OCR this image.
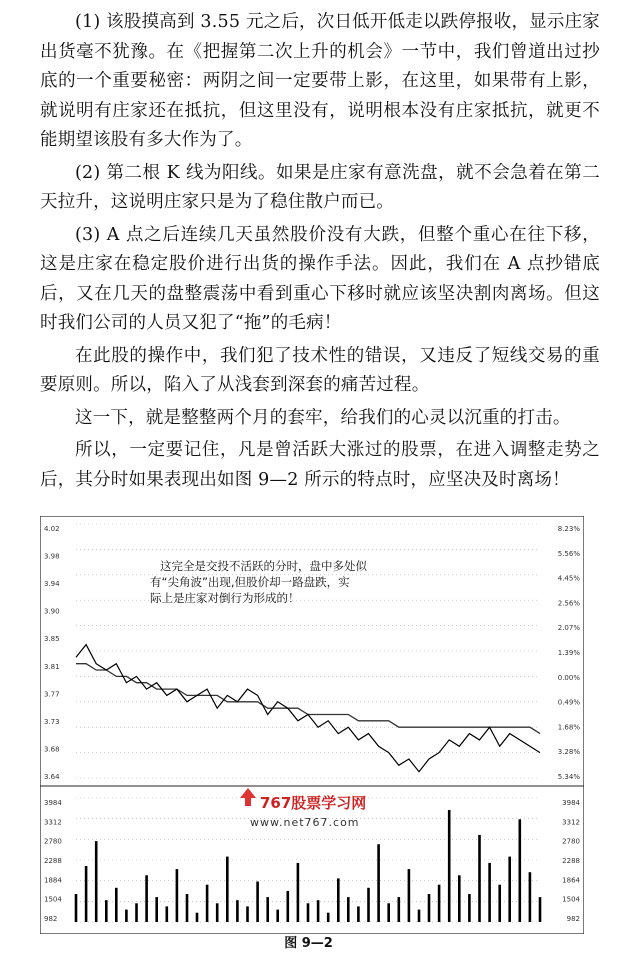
(1) 该股摸高到 3.55 元之后，次日低开低走以跌停报收，显示庄家出货毫不犹豫。在《把握第二次上升的机会》一节中，我们曾道出过抄底的一个重要秘密：两阴之间一定要带上影，在这里，如果带有上影，就说明有庄家还在抵抗，但这里没有，说明根本没有庄家抵抗，就更不能期望该股有多大作为了。

(2) 第二根 K 线为阳线。如果是庄家有意洗盘，就不会急着在第二天拉升，这说明庄家只是为了稳住散户而已。

(3) A 点之后连续几天虽然股价没有大跌，但整个重心在往下移，这是庄家在稳定股价进行出货的操作手法。因此，我们在 A 点抄错底后，又在几天的盘整震荡中看到重心下移时就应该坚决割肉离场。但这时我们公司的人员又犯了“拖”的毛病！

在此股的操作中，我们犯了技术性的错误，又违反了短线交易的重要原则。所以，陷入了从浅套到深套的痛苦过程。

这一下，就是整整两个月的套牢，给我们的心灵以沉重的打击。

所以，一定要记住，凡是曾活跃大涨过的股票，在进入调整走势之后，其分时如果表现出如图 9—2 所示的特点时，应坚决及时离场！

4.02
3.98
3.94
3.90
3.85
3.81
3.77
3.73
3.68
3.64
8.23%
5.56%
4.45%
2.56%
2.07%
1.39%
0.00%
0.49%
1.68%
3.28%
5.34%
3984
3312
2780
2288
1884
1504
982
3984
3312
2780
2288
1864
1504
982
这完全是交投不活跃的分时，盘中多处似
有“尖角波”出现,但股价却一路盘跌，实
际上是庄家对倒行为形成的！
767股票学习网
www.net767.com
图 9—2
